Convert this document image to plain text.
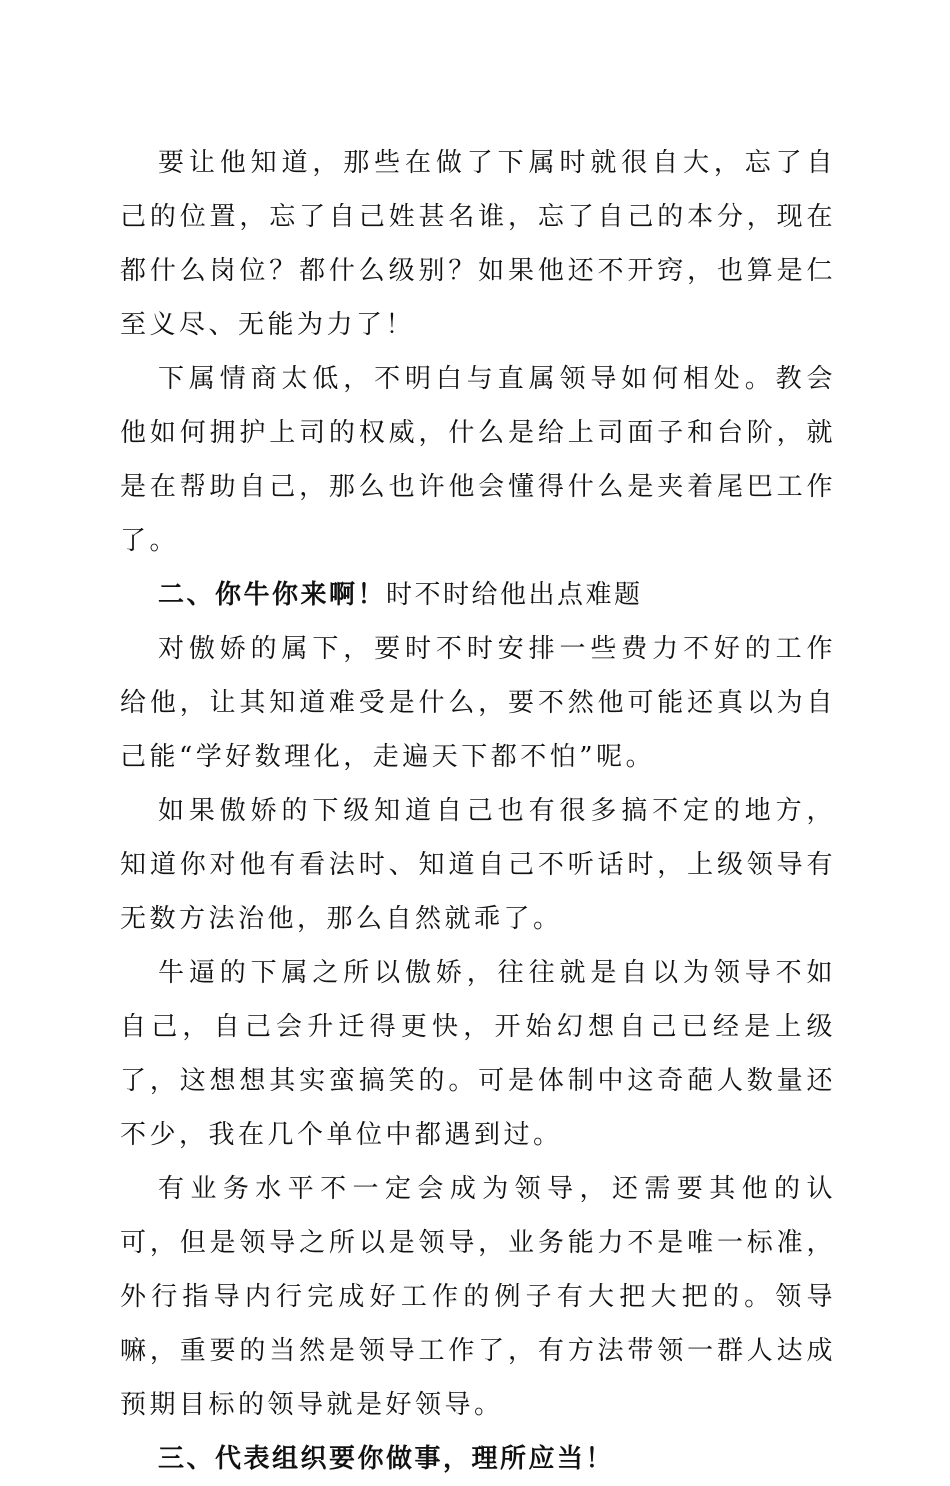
要让他知道，那些在做了下属时就很自大，忘了自己的位置，忘了自己姓甚名谁，忘了自己的本分，现在都什么岗位？都什么级别？如果他还不开窍，也算是仁至义尽、无能为力了！

下属情商太低，不明白与直属领导如何相处。教会他如何拥护上司的权威，什么是给上司面子和台阶，就是在帮助自己，那么也许他会懂得什么是夹着尾巴工作了。

二、你牛你来啊！时不时给他出点难题

对傲娇的属下，要时不时安排一些费力不好的工作给他，让其知道难受是什么，要不然他可能还真以为自己能“学好数理化，走遍天下都不怕”呢。

如果傲娇的下级知道自己也有很多搞不定的地方，知道你对他有看法时、知道自己不听话时，上级领导有无数方法治他，那么自然就乖了。

牛逼的下属之所以傲娇，往往就是自以为领导不如自己，自己会升迁得更快，开始幻想自己已经是上级了，这想想其实蛮搞笑的。可是体制中这奇葩人数量还不少，我在几个单位中都遇到过。

有业务水平不一定会成为领导，还需要其他的认可，但是领导之所以是领导，业务能力不是唯一标准，外行指导内行完成好工作的例子有大把大把的。领导嘛，重要的当然是领导工作了，有方法带领一群人达成预期目标的领导就是好领导。

三、代表组织要你做事，理所应当！
